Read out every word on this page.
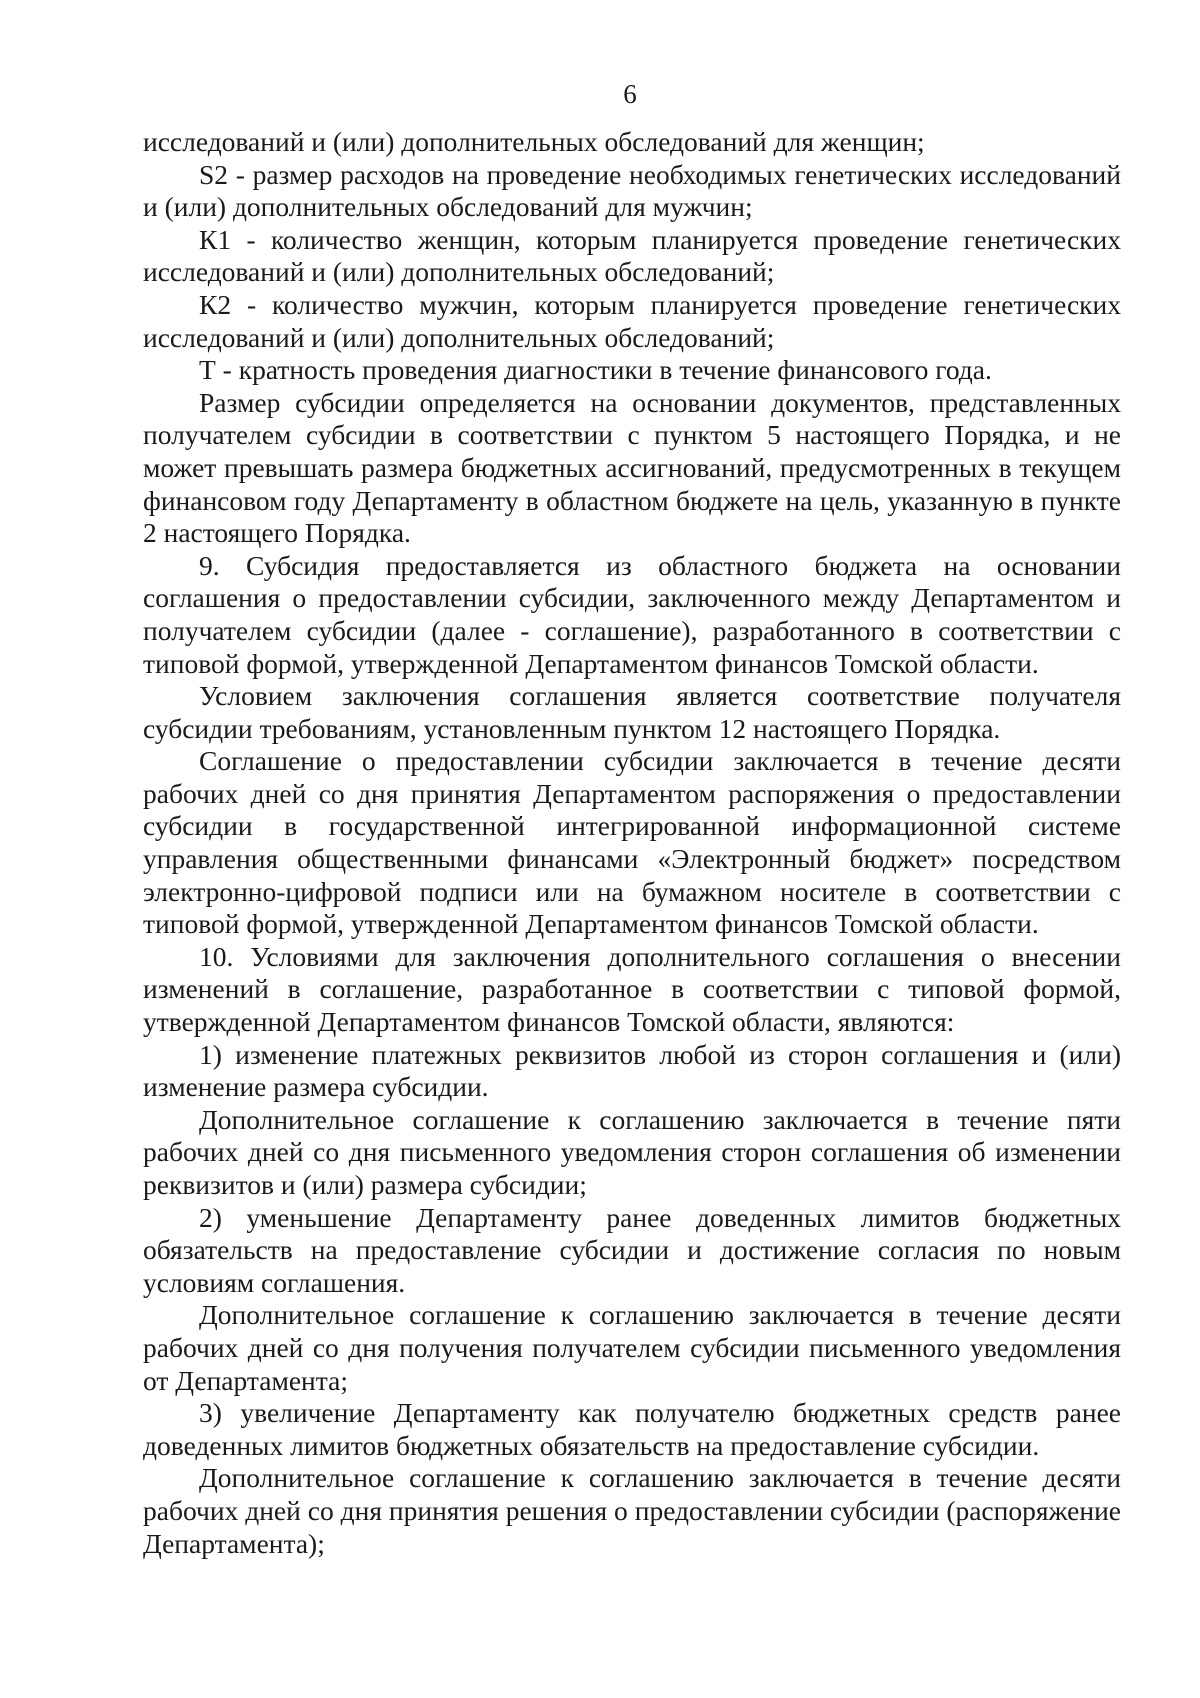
6

исследований и (или) дополнительных обследований для женщин;

S2 - размер расходов на проведение необходимых генетических исследований и (или) дополнительных обследований для мужчин;

К1 - количество женщин, которым планируется проведение генетических исследований и (или) дополнительных обследований;

К2 - количество мужчин, которым планируется проведение генетических исследований и (или) дополнительных обследований;

Т - кратность проведения диагностики в течение финансового года.

Размер субсидии определяется на основании документов, представленных получателем субсидии в соответствии с пунктом 5 настоящего Порядка, и не может превышать размера бюджетных ассигнований, предусмотренных в текущем финансовом году Департаменту в областном бюджете на цель, указанную в пункте 2 настоящего Порядка.

9. Субсидия предоставляется из областного бюджета на основании соглашения о предоставлении субсидии, заключенного между Департаментом и получателем субсидии (далее - соглашение), разработанного в соответствии с типовой формой, утвержденной Департаментом финансов Томской области.

Условием заключения соглашения является соответствие получателя субсидии требованиям, установленным пунктом 12 настоящего Порядка.

Соглашение о предоставлении субсидии заключается в течение десяти рабочих дней со дня принятия Департаментом распоряжения о предоставлении субсидии в государственной интегрированной информационной системе управления общественными финансами «Электронный бюджет» посредством электронно-цифровой подписи или на бумажном носителе в соответствии с типовой формой, утвержденной Департаментом финансов Томской области.

10. Условиями для заключения дополнительного соглашения о внесении изменений в соглашение, разработанное в соответствии с типовой формой, утвержденной Департаментом финансов Томской области, являются:

1) изменение платежных реквизитов любой из сторон соглашения и (или) изменение размера субсидии.

Дополнительное соглашение к соглашению заключается в течение пяти рабочих дней со дня письменного уведомления сторон соглашения об изменении реквизитов и (или) размера субсидии;

2) уменьшение Департаменту ранее доведенных лимитов бюджетных обязательств на предоставление субсидии и достижение согласия по новым условиям соглашения.

Дополнительное соглашение к соглашению заключается в течение десяти рабочих дней со дня получения получателем субсидии письменного уведомления от Департамента;

3) увеличение Департаменту как получателю бюджетных средств ранее доведенных лимитов бюджетных обязательств на предоставление субсидии.

Дополнительное соглашение к соглашению заключается в течение десяти рабочих дней со дня принятия решения о предоставлении субсидии (распоряжение Департамента);
